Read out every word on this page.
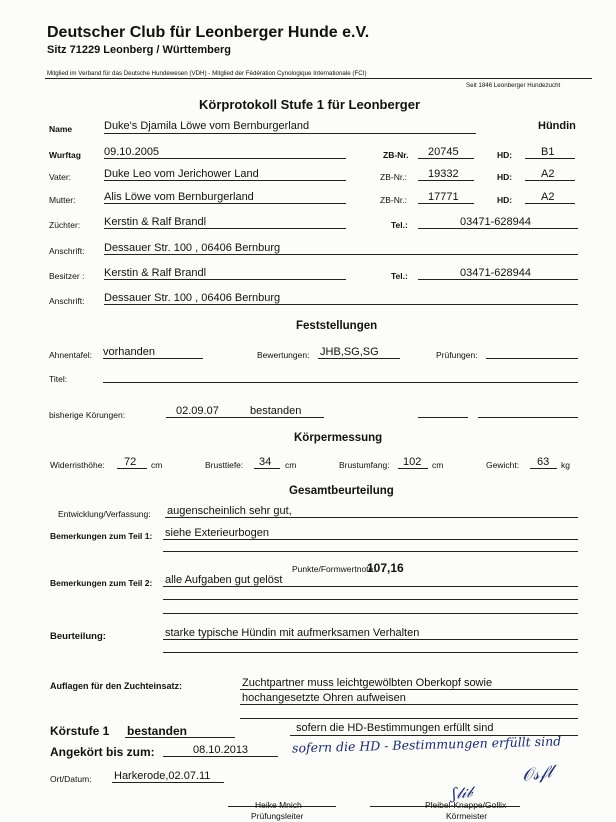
Deutscher Club für Leonberger Hunde e.V.
Sitz 71229 Leonberg / Württemberg
Mitglied im Verband für das Deutsche Hundewesen (VDH) - Mitglied der Fédération Cynologique Internationale (FCI)
Seit 1846 Leonberger Hundezucht
Körprotokoll Stufe 1 für Leonberger
Name	Duke's Djamila Löwe vom Bernburgerland	Hündin
Wurftag 09.10.2005	ZB-Nr. 20745	HD:	B1
Vater:	Duke Leo vom Jerichower Land	ZB-Nr.: 19332	HD:	A2
Mutter:	Alis Löwe vom Bernburgerland	ZB-Nr.: 17771	HD:	A2
Züchter: Kerstin & Ralf Brandl	Tel.:	03471-628944
Anschrift: Dessauer Str. 100 , 06406 Bernburg
Besitzer : Kerstin & Ralf Brandl	Tel.:	03471-628944
Anschrift: Dessauer Str. 100 , 06406 Bernburg
Feststellungen
Ahnentafel: vorhanden	Bewertungen: JHB,SG,SG	Prüfungen:
Titel:
bisherige Körungen:	02.09.07	bestanden
Körpermessung
Widerristhöhe: 72 cm	Brusttiefe: 34 cm	Brustumfang: 102 cm	Gewicht: 63 kg
Gesamtbeurteilung
Entwicklung/Verfassung: augenscheinlich sehr gut,
Bemerkungen zum Teil 1: siehe Exterieurbogen
Punkte/Formwertnote:
107,16
Bemerkungen zum Teil 2: alle Aufgaben gut gelöst
Beurteilung:	starke typische Hündin mit aufmerksamen Verhalten
Auflagen für den Zuchteinsatz:	Zuchtpartner muss leichtgewölbten Oberkopf sowie
hochangesetzte Ohren aufweisen
Körstufe 1 bestanden	sofern die HD-Bestimmungen erfüllt sind
sofern die HD - Bestimmungen erfüllt sind
Angekört bis zum:	08.10.2013
Ort/Datum: Harkerode,02.07.11
ʃ𝓁𝒾𝒷
𝒪𝓈𝒻𝓁
Heike Mnich
Prüfungsleiter
Pleibel-Knappe/Gollix
Körmeister
